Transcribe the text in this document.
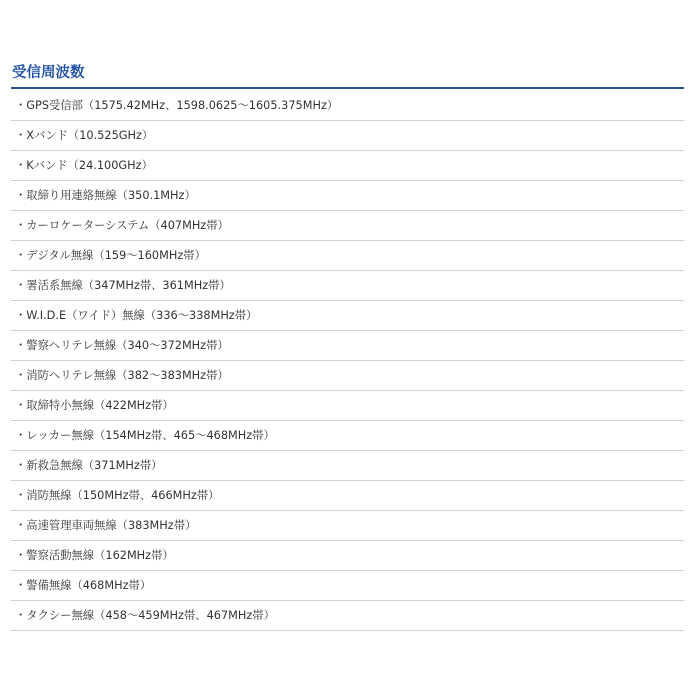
受信周波数
・GPS受信部（1575.42MHz、1598.0625〜1605.375MHz）
・Xバンド（10.525GHz）
・Kバンド（24.100GHz）
・取締り用連絡無線（350.1MHz）
・カーロケーターシステム（407MHz帯）
・デジタル無線（159〜160MHz帯）
・署活系無線（347MHz帯、361MHz帯）
・W.I.D.E（ワイド）無線（336〜338MHz帯）
・警察ヘリテレ無線（340〜372MHz帯）
・消防ヘリテレ無線（382〜383MHz帯）
・取締特小無線（422MHz帯）
・レッカー無線（154MHz帯、465〜468MHz帯）
・新救急無線（371MHz帯）
・消防無線（150MHz帯、466MHz帯）
・高速管理車両無線（383MHz帯）
・警察活動無線（162MHz帯）
・警備無線（468MHz帯）
・タクシー無線（458〜459MHz帯、467MHz帯）
